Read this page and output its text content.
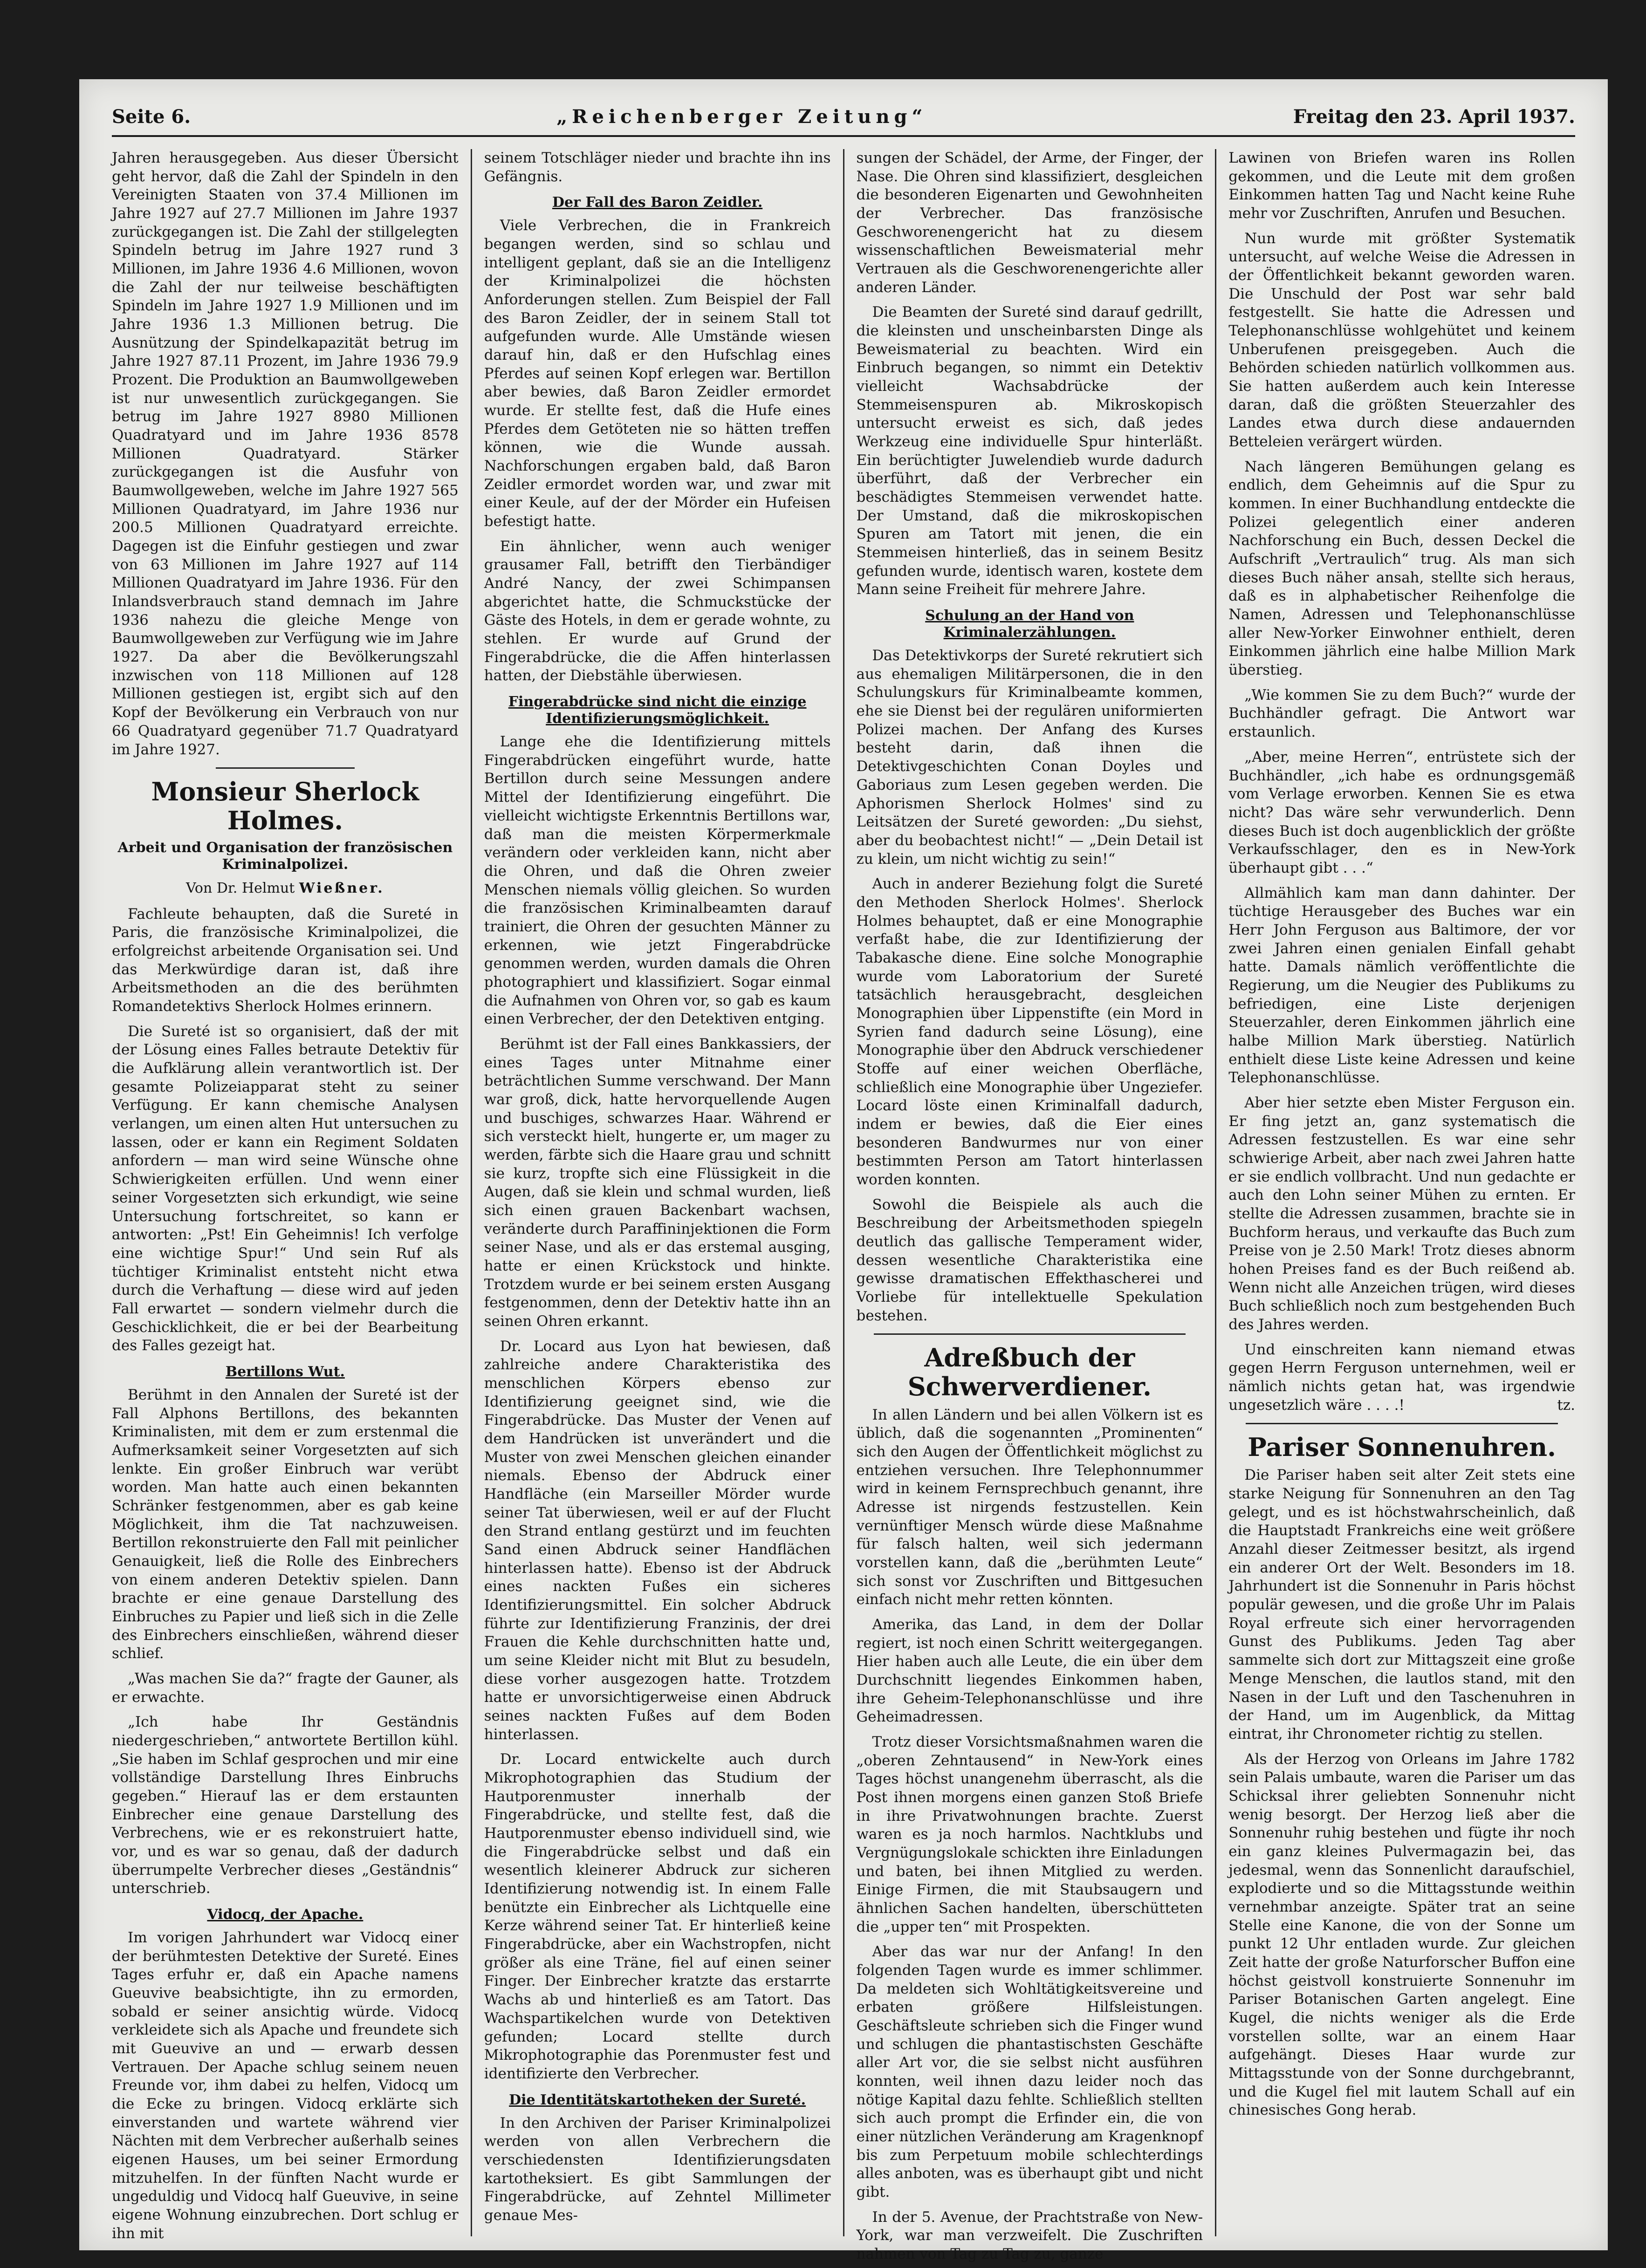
Seite 6.	„Reichenberger Zeitung“	Freitag den 23. April 1937.

Jahren herausgegeben. Aus dieser Übersicht geht hervor, daß die Zahl der Spindeln in den Vereinigten Staaten von 37.4 Millionen im Jahre 1927 auf 27.7 Millionen im Jahre 1937 zurückgegangen ist. Die Zahl der stillgelegten Spindeln betrug im Jahre 1927 rund 3 Millionen, im Jahre 1936 4.6 Millionen, wovon die Zahl der nur teilweise beschäftigten Spindeln im Jahre 1927 1.9 Millionen und im Jahre 1936 1.3 Millionen betrug. Die Ausnützung der Spindelkapazität betrug im Jahre 1927 87.11 Prozent, im Jahre 1936 79.9 Prozent. Die Produktion an Baumwollgeweben ist nur unwesentlich zurückgegangen. Sie betrug im Jahre 1927 8980 Millionen Quadratyard und im Jahre 1936 8578 Millionen Quadratyard. Stärker zurückgegangen ist die Ausfuhr von Baumwollgeweben, welche im Jahre 1927 565 Millionen Quadratyard, im Jahre 1936 nur 200.5 Millionen Quadratyard erreichte. Dagegen ist die Einfuhr gestiegen und zwar von 63 Millionen im Jahre 1927 auf 114 Millionen Quadratyard im Jahre 1936. Für den Inlandsverbrauch stand demnach im Jahre 1936 nahezu die gleiche Menge von Baumwollgeweben zur Verfügung wie im Jahre 1927. Da aber die Bevölkerungszahl inzwischen von 118 Millionen auf 128 Millionen gestiegen ist, ergibt sich auf den Kopf der Bevölkerung ein Verbrauch von nur 66 Quadratyard gegenüber 71.7 Quadratyard im Jahre 1927.

Monsieur Sherlock Holmes.
Arbeit und Organisation der französischen Kriminalpolizei.
Von Dr. Helmut Wießner.

Fachleute behaupten, daß die Sureté in Paris, die französische Kriminalpolizei, die erfolgreichst arbeitende Organisation sei. Und das Merkwürdige daran ist, daß ihre Arbeitsmethoden an die des berühmten Romandetektivs Sherlock Holmes erinnern.

Die Sureté ist so organisiert, daß der mit der Lösung eines Falles betraute Detektiv für die Aufklärung allein verantwortlich ist. Der gesamte Polizeiapparat steht zu seiner Verfügung. Er kann chemische Analysen verlangen, um einen alten Hut untersuchen zu lassen, oder er kann ein Regiment Soldaten anfordern — man wird seine Wünsche ohne Schwierigkeiten erfüllen. Und wenn einer seiner Vorgesetzten sich erkundigt, wie seine Untersuchung fortschreitet, so kann er antworten: „Pst! Ein Geheimnis! Ich verfolge eine wichtige Spur!“ Und sein Ruf als tüchtiger Kriminalist entsteht nicht etwa durch die Verhaftung — diese wird auf jeden Fall erwartet — sondern vielmehr durch die Geschicklichkeit, die er bei der Bearbeitung des Falles gezeigt hat.

Bertillons Wut.

Berühmt in den Annalen der Sureté ist der Fall Alphons Bertillons, des bekannten Kriminalisten, mit dem er zum erstenmal die Aufmerksamkeit seiner Vorgesetzten auf sich lenkte. Ein großer Einbruch war verübt worden. Man hatte auch einen bekannten Schränker festgenommen, aber es gab keine Möglichkeit, ihm die Tat nachzuweisen. Bertillon rekonstruierte den Fall mit peinlicher Genauigkeit, ließ die Rolle des Einbrechers von einem anderen Detektiv spielen. Dann brachte er eine genaue Darstellung des Einbruches zu Papier und ließ sich in die Zelle des Einbrechers einschließen, während dieser schlief.

„Was machen Sie da?“ fragte der Gauner, als er erwachte.

„Ich habe Ihr Geständnis niedergeschrieben,“ antwortete Bertillon kühl. „Sie haben im Schlaf gesprochen und mir eine vollständige Darstellung Ihres Einbruchs gegeben.“ Hierauf las er dem erstaunten Einbrecher eine genaue Darstellung des Verbrechens, wie er es rekonstruiert hatte, vor, und es war so genau, daß der dadurch überrumpelte Verbrecher dieses „Geständnis“ unterschrieb.

Vidocq, der Apache.

Im vorigen Jahrhundert war Vidocq einer der berühmtesten Detektive der Sureté. Eines Tages erfuhr er, daß ein Apache namens Gueuvive beabsichtigte, ihn zu ermorden, sobald er seiner ansichtig würde. Vidocq verkleidete sich als Apache und freundete sich mit Gueuvive an und — erwarb dessen Vertrauen. Der Apache schlug seinem neuen Freunde vor, ihm dabei zu helfen, Vidocq um die Ecke zu bringen. Vidocq erklärte sich einverstanden und wartete während vier Nächten mit dem Verbrecher außerhalb seines eigenen Hauses, um bei seiner Ermordung mitzuhelfen. In der fünften Nacht wurde er ungeduldig und Vidocq half Gueuvive, in seine eigene Wohnung einzubrechen. Dort schlug er ihn mit

seinem Totschläger nieder und brachte ihn ins Gefängnis.

Der Fall des Baron Zeidler.

Viele Verbrechen, die in Frankreich begangen werden, sind so schlau und intelligent geplant, daß sie an die Intelligenz der Kriminalpolizei die höchsten Anforderungen stellen. Zum Beispiel der Fall des Baron Zeidler, der in seinem Stall tot aufgefunden wurde. Alle Umstände wiesen darauf hin, daß er den Hufschlag eines Pferdes auf seinen Kopf erlegen war. Bertillon aber bewies, daß Baron Zeidler ermordet wurde. Er stellte fest, daß die Hufe eines Pferdes dem Getöteten nie so hätten treffen können, wie die Wunde aussah. Nachforschungen ergaben bald, daß Baron Zeidler ermordet worden war, und zwar mit einer Keule, auf der der Mörder ein Hufeisen befestigt hatte.

Ein ähnlicher, wenn auch weniger grausamer Fall, betrifft den Tierbändiger André Nancy, der zwei Schimpansen abgerichtet hatte, die Schmuckstücke der Gäste des Hotels, in dem er gerade wohnte, zu stehlen. Er wurde auf Grund der Fingerabdrücke, die die Affen hinterlassen hatten, der Diebstähle überwiesen.

Fingerabdrücke sind nicht die einzige Identifizierungsmöglichkeit.

Lange ehe die Identifizierung mittels Fingerabdrücken eingeführt wurde, hatte Bertillon durch seine Messungen andere Mittel der Identifizierung eingeführt. Die vielleicht wichtigste Erkenntnis Bertillons war, daß man die meisten Körpermerkmale verändern oder verkleiden kann, nicht aber die Ohren, und daß die Ohren zweier Menschen niemals völlig gleichen. So wurden die französischen Kriminalbeamten darauf trainiert, die Ohren der gesuchten Männer zu erkennen, wie jetzt Fingerabdrücke genommen werden, wurden damals die Ohren photographiert und klassifiziert. Sogar einmal die Aufnahmen von Ohren vor, so gab es kaum einen Verbrecher, der den Detektiven entging.

Berühmt ist der Fall eines Bankkassiers, der eines Tages unter Mitnahme einer beträchtlichen Summe verschwand. Der Mann war groß, dick, hatte hervorquellende Augen und buschiges, schwarzes Haar. Während er sich versteckt hielt, hungerte er, um mager zu werden, färbte sich die Haare grau und schnitt sie kurz, tropfte sich eine Flüssigkeit in die Augen, daß sie klein und schmal wurden, ließ sich einen grauen Backenbart wachsen, veränderte durch Paraffininjektionen die Form seiner Nase, und als er das erstemal ausging, hatte er einen Krückstock und hinkte. Trotzdem wurde er bei seinem ersten Ausgang festgenommen, denn der Detektiv hatte ihn an seinen Ohren erkannt.

Dr. Locard aus Lyon hat bewiesen, daß zahlreiche andere Charakteristika des menschlichen Körpers ebenso zur Identifizierung geeignet sind, wie die Fingerabdrücke. Das Muster der Venen auf dem Handrücken ist unverändert und die Muster von zwei Menschen gleichen einander niemals. Ebenso der Abdruck einer Handfläche (ein Marseiller Mörder wurde seiner Tat überwiesen, weil er auf der Flucht den Strand entlang gestürzt und im feuchten Sand einen Abdruck seiner Handflächen hinterlassen hatte). Ebenso ist der Abdruck eines nackten Fußes ein sicheres Identifizierungsmittel. Ein solcher Abdruck führte zur Identifizierung Franzinis, der drei Frauen die Kehle durchschnitten hatte und, um seine Kleider nicht mit Blut zu besudeln, diese vorher ausgezogen hatte. Trotzdem hatte er unvorsichtigerweise einen Abdruck seines nackten Fußes auf dem Boden hinterlassen.

Dr. Locard entwickelte auch durch Mikrophotographien das Studium der Hautporenmuster innerhalb der Fingerabdrücke, und stellte fest, daß die Hautporenmuster ebenso individuell sind, wie die Fingerabdrücke selbst und daß ein wesentlich kleinerer Abdruck zur sicheren Identifizierung notwendig ist. In einem Falle benützte ein Einbrecher als Lichtquelle eine Kerze während seiner Tat. Er hinterließ keine Fingerabdrücke, aber ein Wachstropfen, nicht größer als eine Träne, fiel auf einen seiner Finger. Der Einbrecher kratzte das erstarrte Wachs ab und hinterließ es am Tatort. Das Wachspartikelchen wurde von Detektiven gefunden; Locard stellte durch Mikrophotographie das Porenmuster fest und identifizierte den Verbrecher.

Die Identitätskartotheken der Sureté.

In den Archiven der Pariser Kriminalpolizei werden von allen Verbrechern die verschiedensten Identifizierungsdaten kartotheksiert. Es gibt Sammlungen der Fingerabdrücke, auf Zehntel Millimeter genaue Mes-

sungen der Schädel, der Arme, der Finger, der Nase. Die Ohren sind klassifiziert, desgleichen die besonderen Eigenarten und Gewohnheiten der Verbrecher. Das französische Geschworenengericht hat zu diesem wissenschaftlichen Beweismaterial mehr Vertrauen als die Geschworenengerichte aller anderen Länder.

Die Beamten der Sureté sind darauf gedrillt, die kleinsten und unscheinbarsten Dinge als Beweismaterial zu beachten. Wird ein Einbruch begangen, so nimmt ein Detektiv vielleicht Wachsabdrücke der Stemmeisenspuren ab. Mikroskopisch untersucht erweist es sich, daß jedes Werkzeug eine individuelle Spur hinterläßt. Ein berüchtigter Juwelendieb wurde dadurch überführt, daß der Verbrecher ein beschädigtes Stemmeisen verwendet hatte. Der Umstand, daß die mikroskopischen Spuren am Tatort mit jenen, die ein Stemmeisen hinterließ, das in seinem Besitz gefunden wurde, identisch waren, kostete dem Mann seine Freiheit für mehrere Jahre.

Schulung an der Hand von Kriminalerzählungen.

Das Detektivkorps der Sureté rekrutiert sich aus ehemaligen Militärpersonen, die in den Schulungskurs für Kriminalbeamte kommen, ehe sie Dienst bei der regulären uniformierten Polizei machen. Der Anfang des Kurses besteht darin, daß ihnen die Detektivgeschichten Conan Doyles und Gaboriaus zum Lesen gegeben werden. Die Aphorismen Sherlock Holmes' sind zu Leitsätzen der Sureté geworden: „Du siehst, aber du beobachtest nicht!“ — „Dein Detail ist zu klein, um nicht wichtig zu sein!“

Auch in anderer Beziehung folgt die Sureté den Methoden Sherlock Holmes'. Sherlock Holmes behauptet, daß er eine Monographie verfaßt habe, die zur Identifizierung der Tabakasche diene. Eine solche Monographie wurde vom Laboratorium der Sureté tatsächlich herausgebracht, desgleichen Monographien über Lippenstifte (ein Mord in Syrien fand dadurch seine Lösung), eine Monographie über den Abdruck verschiedener Stoffe auf einer weichen Oberfläche, schließlich eine Monographie über Ungeziefer. Locard löste einen Kriminalfall dadurch, indem er bewies, daß die Eier eines besonderen Bandwurmes nur von einer bestimmten Person am Tatort hinterlassen worden konnten.

Sowohl die Beispiele als auch die Beschreibung der Arbeitsmethoden spiegeln deutlich das gallische Temperament wider, dessen wesentliche Charakteristika eine gewisse dramatischen Effekthascherei und Vorliebe für intellektuelle Spekulation bestehen.

Adreßbuch der Schwerverdiener.

In allen Ländern und bei allen Völkern ist es üblich, daß die sogenannten „Prominenten“ sich den Augen der Öffentlichkeit möglichst zu entziehen versuchen. Ihre Telephonnummer wird in keinem Fernsprechbuch genannt, ihre Adresse ist nirgends festzustellen. Kein vernünftiger Mensch würde diese Maßnahme für falsch halten, weil sich jedermann vorstellen kann, daß die „berühmten Leute“ sich sonst vor Zuschriften und Bittgesuchen einfach nicht mehr retten könnten.

Amerika, das Land, in dem der Dollar regiert, ist noch einen Schritt weitergegangen. Hier haben auch alle Leute, die ein über dem Durchschnitt liegendes Einkommen haben, ihre Geheim-Telephonanschlüsse und ihre Geheimadressen.

Trotz dieser Vorsichtsmaßnahmen waren die „oberen Zehntausend“ in New-York eines Tages höchst unangenehm überrascht, als die Post ihnen morgens einen ganzen Stoß Briefe in ihre Privatwohnungen brachte. Zuerst waren es ja noch harmlos. Nachtklubs und Vergnügungslokale schickten ihre Einladungen und baten, bei ihnen Mitglied zu werden. Einige Firmen, die mit Staubsaugern und ähnlichen Sachen handelten, überschütteten die „upper ten“ mit Prospekten.

Aber das war nur der Anfang! In den folgenden Tagen wurde es immer schlimmer. Da meldeten sich Wohltätigkeitsvereine und erbaten größere Hilfsleistungen. Geschäftsleute schrieben sich die Finger wund und schlugen die phantastischsten Geschäfte aller Art vor, die sie selbst nicht ausführen konnten, weil ihnen dazu leider noch das nötige Kapital dazu fehlte. Schließlich stellten sich auch prompt die Erfinder ein, die von einer nützlichen Veränderung am Kragenknopf bis zum Perpetuum mobile schlechterdings alles anboten, was es überhaupt gibt und nicht gibt.

In der 5. Avenue, der Prachtstraße von New-York, war man verzweifelt. Die Zuschriften nahmen von Tag zu Tag zu, ganze

Lawinen von Briefen waren ins Rollen gekommen, und die Leute mit dem großen Einkommen hatten Tag und Nacht keine Ruhe mehr vor Zuschriften, Anrufen und Besuchen.

Nun wurde mit größter Systematik untersucht, auf welche Weise die Adressen in der Öffentlichkeit bekannt geworden waren. Die Unschuld der Post war sehr bald festgestellt. Sie hatte die Adressen und Telephonanschlüsse wohlgehütet und keinem Unberufenen preisgegeben. Auch die Behörden schieden natürlich vollkommen aus. Sie hatten außerdem auch kein Interesse daran, daß die größten Steuerzahler des Landes etwa durch diese andauernden Betteleien verärgert würden.

Nach längeren Bemühungen gelang es endlich, dem Geheimnis auf die Spur zu kommen. In einer Buchhandlung entdeckte die Polizei gelegentlich einer anderen Nachforschung ein Buch, dessen Deckel die Aufschrift „Vertraulich“ trug. Als man sich dieses Buch näher ansah, stellte sich heraus, daß es in alphabetischer Reihenfolge die Namen, Adressen und Telephonanschlüsse aller New-Yorker Einwohner enthielt, deren Einkommen jährlich eine halbe Million Mark überstieg.

„Wie kommen Sie zu dem Buch?“ wurde der Buchhändler gefragt. Die Antwort war erstaunlich.

„Aber, meine Herren“, entrüstete sich der Buchhändler, „ich habe es ordnungsgemäß vom Verlage erworben. Kennen Sie es etwa nicht? Das wäre sehr verwunderlich. Denn dieses Buch ist doch augenblicklich der größte Verkaufsschlager, den es in New-York überhaupt gibt . . .“

Allmählich kam man dann dahinter. Der tüchtige Herausgeber des Buches war ein Herr John Ferguson aus Baltimore, der vor zwei Jahren einen genialen Einfall gehabt hatte. Damals nämlich veröffentlichte die Regierung, um die Neugier des Publikums zu befriedigen, eine Liste derjenigen Steuerzahler, deren Einkommen jährlich eine halbe Million Mark überstieg. Natürlich enthielt diese Liste keine Adressen und keine Telephonanschlüsse.

Aber hier setzte eben Mister Ferguson ein. Er fing jetzt an, ganz systematisch die Adressen festzustellen. Es war eine sehr schwierige Arbeit, aber nach zwei Jahren hatte er sie endlich vollbracht. Und nun gedachte er auch den Lohn seiner Mühen zu ernten. Er stellte die Adressen zusammen, brachte sie in Buchform heraus, und verkaufte das Buch zum Preise von je 2.50 Mark! Trotz dieses abnorm hohen Preises fand es der Buch reißend ab. Wenn nicht alle Anzeichen trügen, wird dieses Buch schließlich noch zum bestgehenden Buch des Jahres werden.

Und einschreiten kann niemand etwas gegen Herrn Ferguson unternehmen, weil er nämlich nichts getan hat, was irgendwie ungesetzlich wäre . . . .!	tz.

Pariser Sonnenuhren.

Die Pariser haben seit alter Zeit stets eine starke Neigung für Sonnenuhren an den Tag gelegt, und es ist höchstwahrscheinlich, daß die Hauptstadt Frankreichs eine weit größere Anzahl dieser Zeitmesser besitzt, als irgend ein anderer Ort der Welt. Besonders im 18. Jahrhundert ist die Sonnenuhr in Paris höchst populär gewesen, und die große Uhr im Palais Royal erfreute sich einer hervorragenden Gunst des Publikums. Jeden Tag aber sammelte sich dort zur Mittagszeit eine große Menge Menschen, die lautlos stand, mit den Nasen in der Luft und den Taschenuhren in der Hand, um im Augenblick, da Mittag eintrat, ihr Chronometer richtig zu stellen.

Als der Herzog von Orleans im Jahre 1782 sein Palais umbaute, waren die Pariser um das Schicksal ihrer geliebten Sonnenuhr nicht wenig besorgt. Der Herzog ließ aber die Sonnenuhr ruhig bestehen und fügte ihr noch ein ganz kleines Pulvermagazin bei, das jedesmal, wenn das Sonnenlicht daraufschiel, explodierte und so die Mittagsstunde weithin vernehmbar anzeigte. Später trat an seine Stelle eine Kanone, die von der Sonne um punkt 12 Uhr entladen wurde. Zur gleichen Zeit hatte der große Naturforscher Buffon eine höchst geistvoll konstruierte Sonnenuhr im Pariser Botanischen Garten angelegt. Eine Kugel, die nichts weniger als die Erde vorstellen sollte, war an einem Haar aufgehängt. Dieses Haar wurde zur Mittagsstunde von der Sonne durchgebrannt, und die Kugel fiel mit lautem Schall auf ein chinesisches Gong herab.
